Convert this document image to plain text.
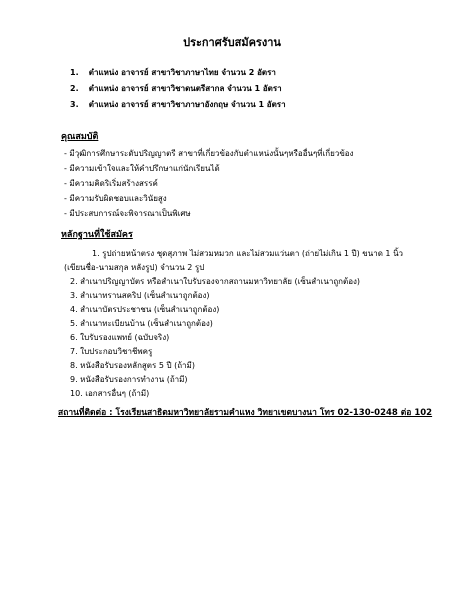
ประกาศรับสมัครงาน
1. ตำแหน่ง อาจารย์ สาขาวิชาภาษาไทย จำนวน 2 อัตรา
2. ตำแหน่ง อาจารย์ สาขาวิชาดนตรีสากล จำนวน 1 อัตรา
3. ตำแหน่ง อาจารย์ สาขาวิชาภาษาอังกฤษ จำนวน 1 อัตรา
คุณสมบัติ
- มีวุฒิการศึกษาระดับปริญญาตรี สาขาที่เกี่ยวข้องกับตำแหน่งนั้นๆหรืออื่นๆที่เกี่ยวข้อง
- มีความเข้าใจและให้คำปรึกษาแก่นักเรียนได้
- มีความคิดริเริ่มสร้างสรรค์
- มีความรับผิดชอบและวินัยสูง
- มีประสบการณ์จะพิจารณาเป็นพิเศษ
หลักฐานที่ใช้สมัคร
1. รูปถ่ายหน้าตรง ชุดสุภาพ ไม่สวมหมวก และไม่สวมแว่นตา (ถ่ายไม่เกิน 1 ปี) ขนาด 1 นิ้ว
(เขียนชื่อ-นามสกุล หลังรูป) จำนวน 2 รูป
2. สำเนาปริญญาบัตร หรือสำเนาใบรับรองจากสถานมหาวิทยาลัย (เซ็นสำเนาถูกต้อง)
3. สำเนาทรานสคริป (เซ็นสำเนาถูกต้อง)
4. สำเนาบัตรประชาชน (เซ็นสำเนาถูกต้อง)
5. สำเนาทะเบียนบ้าน (เซ็นสำเนาถูกต้อง)
6. ใบรับรองแพทย์ (ฉบับจริง)
7. ใบประกอบวิชาชีพครู
8. หนังสือรับรองหลักสูตร 5 ปี (ถ้ามี)
9. หนังสือรับรองการทำงาน (ถ้ามี)
10. เอกสารอื่นๆ (ถ้ามี)
สถานที่ติดต่อ : โรงเรียนสาธิตมหาวิทยาลัยรามคำแหง วิทยาเขตบางนา โทร 02-130-0248 ต่อ 102
